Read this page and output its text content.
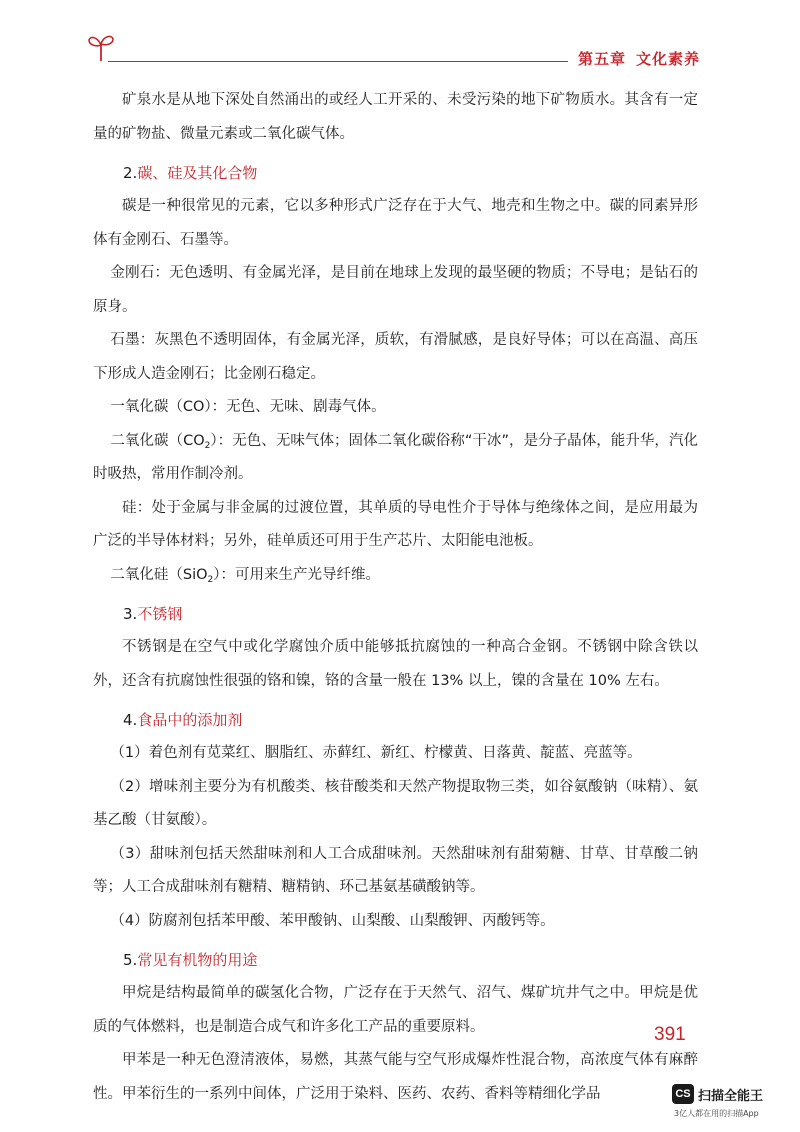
第五章 文化素养

矿泉水是从地下深处自然涌出的或经人工开采的、未受污染的地下矿物质水。其含有一定量的矿物盐、微量元素或二氧化碳气体。

2.碳、硅及其化合物

碳是一种很常见的元素，它以多种形式广泛存在于大气、地壳和生物之中。碳的同素异形体有金刚石、石墨等。

金刚石：无色透明、有金属光泽，是目前在地球上发现的最坚硬的物质；不导电；是钻石的原身。

石墨：灰黑色不透明固体，有金属光泽，质软，有滑腻感，是良好导体；可以在高温、高压下形成人造金刚石；比金刚石稳定。

一氧化碳（CO）：无色、无味、剧毒气体。

二氧化碳$(CO_2)$：无色、无味气体；固体二氧化碳俗称“干冰”，是分子晶体，能升华，汽化时吸热，常用作制冷剂。

硅：处于金属与非金属的过渡位置，其单质的导电性介于导体与绝缘体之间，是应用最为广泛的半导体材料；另外，硅单质还可用于生产芯片、太阳能电池板。

二氧化硅（SiO$_2$）：可用来生产光导纤维。

3.不锈钢

不锈钢是在空气中或化学腐蚀介质中能够抵抗腐蚀的一种高合金钢。不锈钢中除含铁以外，还含有抗腐蚀性很强的铬和镍，铬的含量一般在 13% 以上，镍的含量在 10% 左右。

4.食品中的添加剂

（1）着色剂有苋菜红、胭脂红、赤藓红、新红、柠檬黄、日落黄、靛蓝、亮蓝等。

（2）增味剂主要分为有机酸类、核苷酸类和天然产物提取物三类，如谷氨酸钠（味精）、氨基乙酸（甘氨酸）。

（3）甜味剂包括天然甜味剂和人工合成甜味剂。天然甜味剂有甜菊糖、甘草、甘草酸二钠等；人工合成甜味剂有糖精、糖精钠、环己基氨基磺酸钠等。

（4）防腐剂包括苯甲酸、苯甲酸钠、山梨酸、山梨酸钾、丙酸钙等。

5.常见有机物的用途

甲烷是结构最简单的碳氢化合物，广泛存在于天然气、沼气、煤矿坑井气之中。甲烷是优质的气体燃料，也是制造合成气和许多化工产品的重要原料。

甲苯是一种无色澄清液体，易燃，其蒸气能与空气形成爆炸性混合物，高浓度气体有麻醉性。甲苯衍生的一系列中间体，广泛用于染料、医药、农药、香料等精细化学品

391
CS 扫描全能王
3亿人都在用的扫描App
